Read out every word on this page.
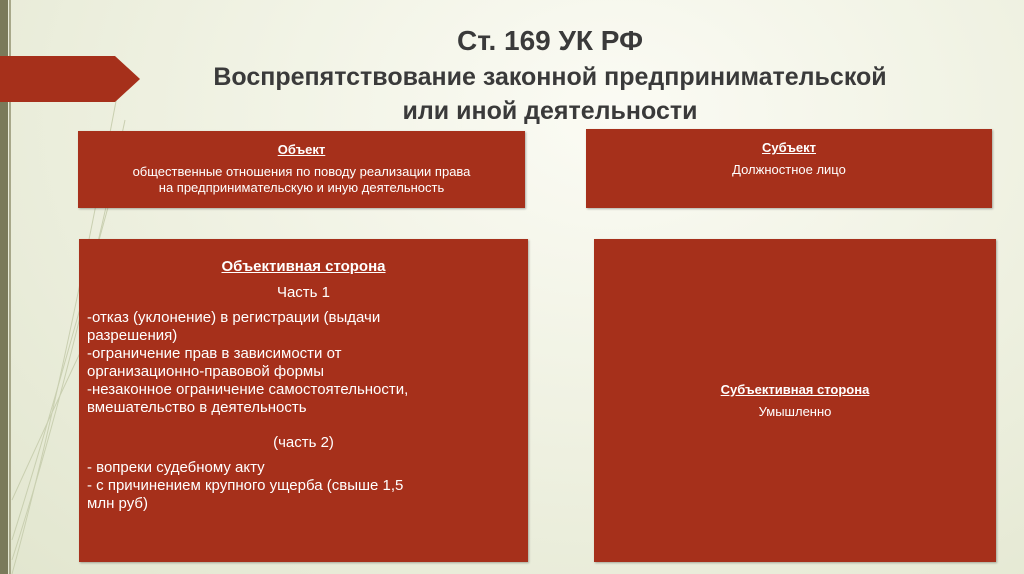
Ст. 169 УК РФ
Воспрепятствование законной предпринимательской
или иной деятельности
Объект
общественные отношения по поводу реализации права
на предпринимательскую и иную деятельность
Субъект
Должностное лицо
Объективная сторона
Часть 1
-отказ (уклонение) в регистрации (выдачи
разрешения)
-ограничение прав в зависимости от
организационно-правовой формы
-незаконное ограничение самостоятельности,
вмешательство в деятельность
(часть 2)
- вопреки судебному акту
- с причинением крупного ущерба (свыше 1,5
млн руб)
Субъективная сторона
Умышленно
